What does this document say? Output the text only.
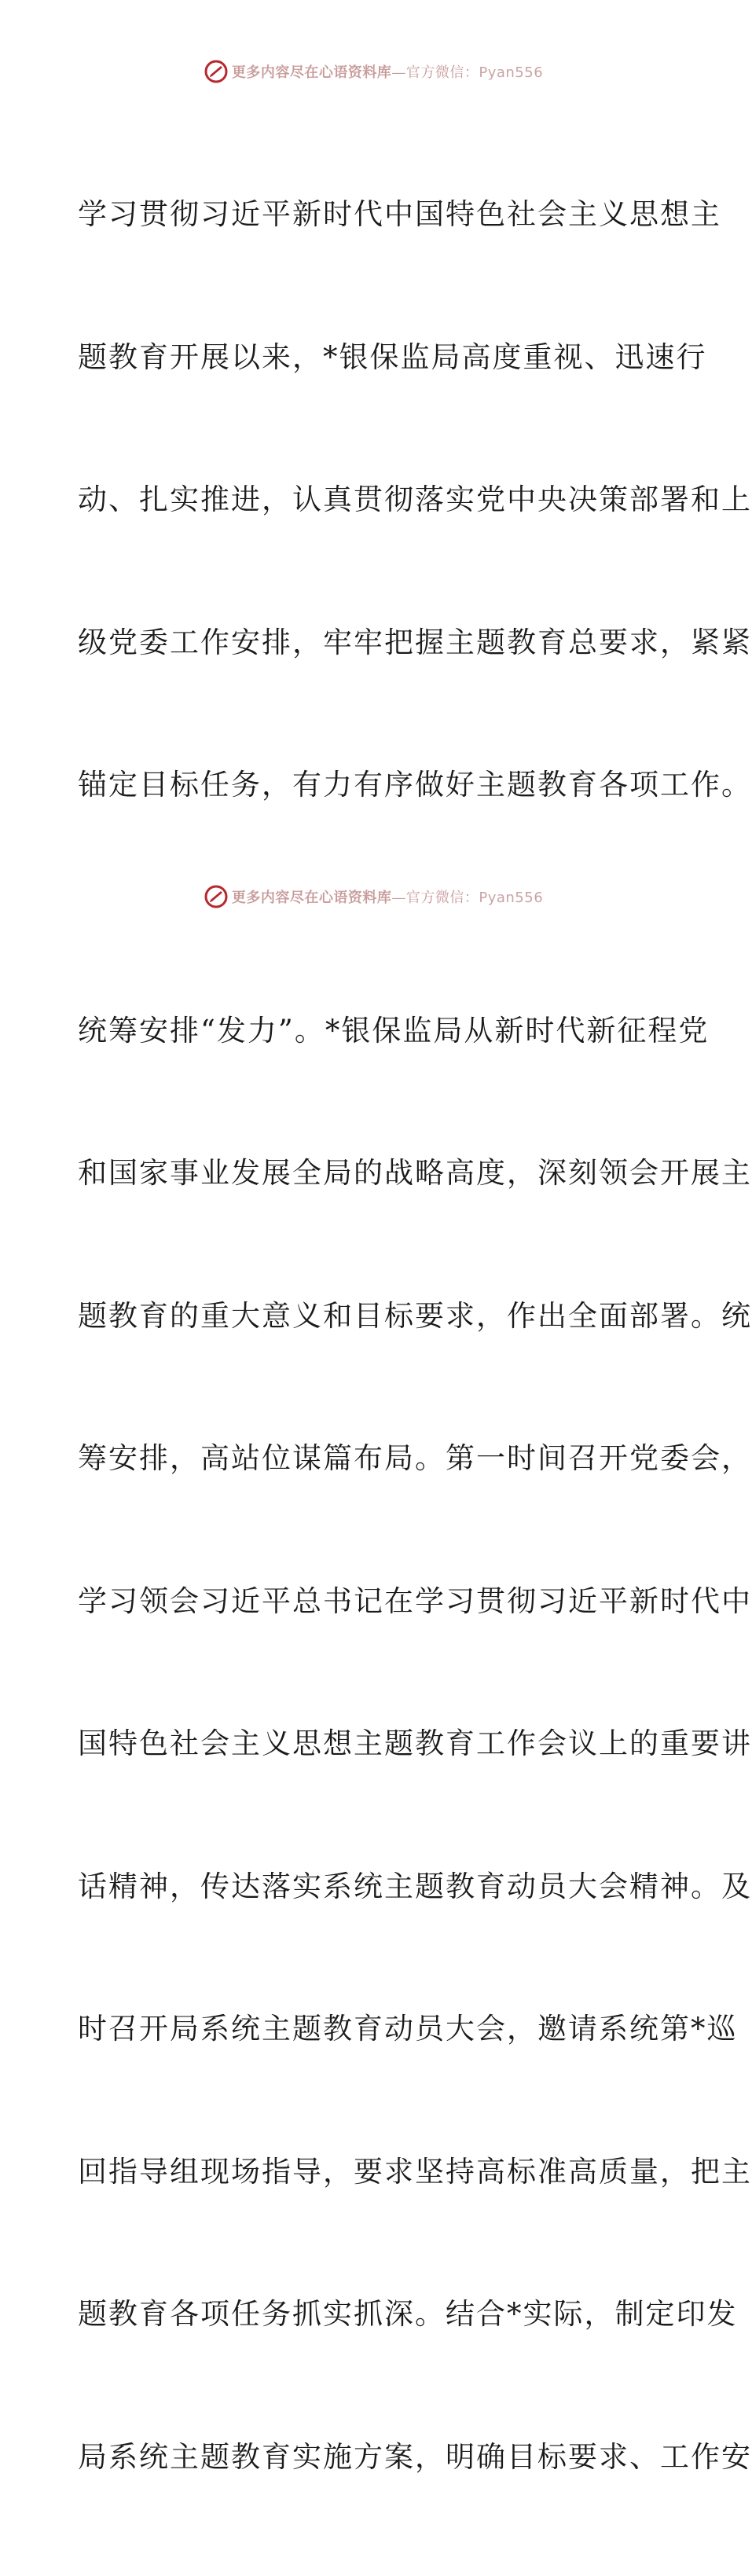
更多内容尽在心语资料库—官方微信：Pyan556

学习贯彻习近平新时代中国特色社会主义思想主

题教育开展以来，*银保监局高度重视、迅速行

动、扎实推进，认真贯彻落实党中央决策部署和上

级党委工作安排，牢牢把握主题教育总要求，紧紧

锚定目标任务，有力有序做好主题教育各项工作。

统筹安排“发力”。*银保监局从新时代新征程党

和国家事业发展全局的战略高度，深刻领会开展主

题教育的重大意义和目标要求，作出全面部署。统

筹安排，高站位谋篇布局。第一时间召开党委会，

学习领会习近平总书记在学习贯彻习近平新时代中

国特色社会主义思想主题教育工作会议上的重要讲

话精神，传达落实系统主题教育动员大会精神。及

时召开局系统主题教育动员大会，邀请系统第*巡

回指导组现场指导，要求坚持高标准高质量，把主

题教育各项任务抓实抓深。结合*实际，制定印发

局系统主题教育实施方案，明确目标要求、工作安

更多内容尽在心语资料库—官方微信：Pyan556
